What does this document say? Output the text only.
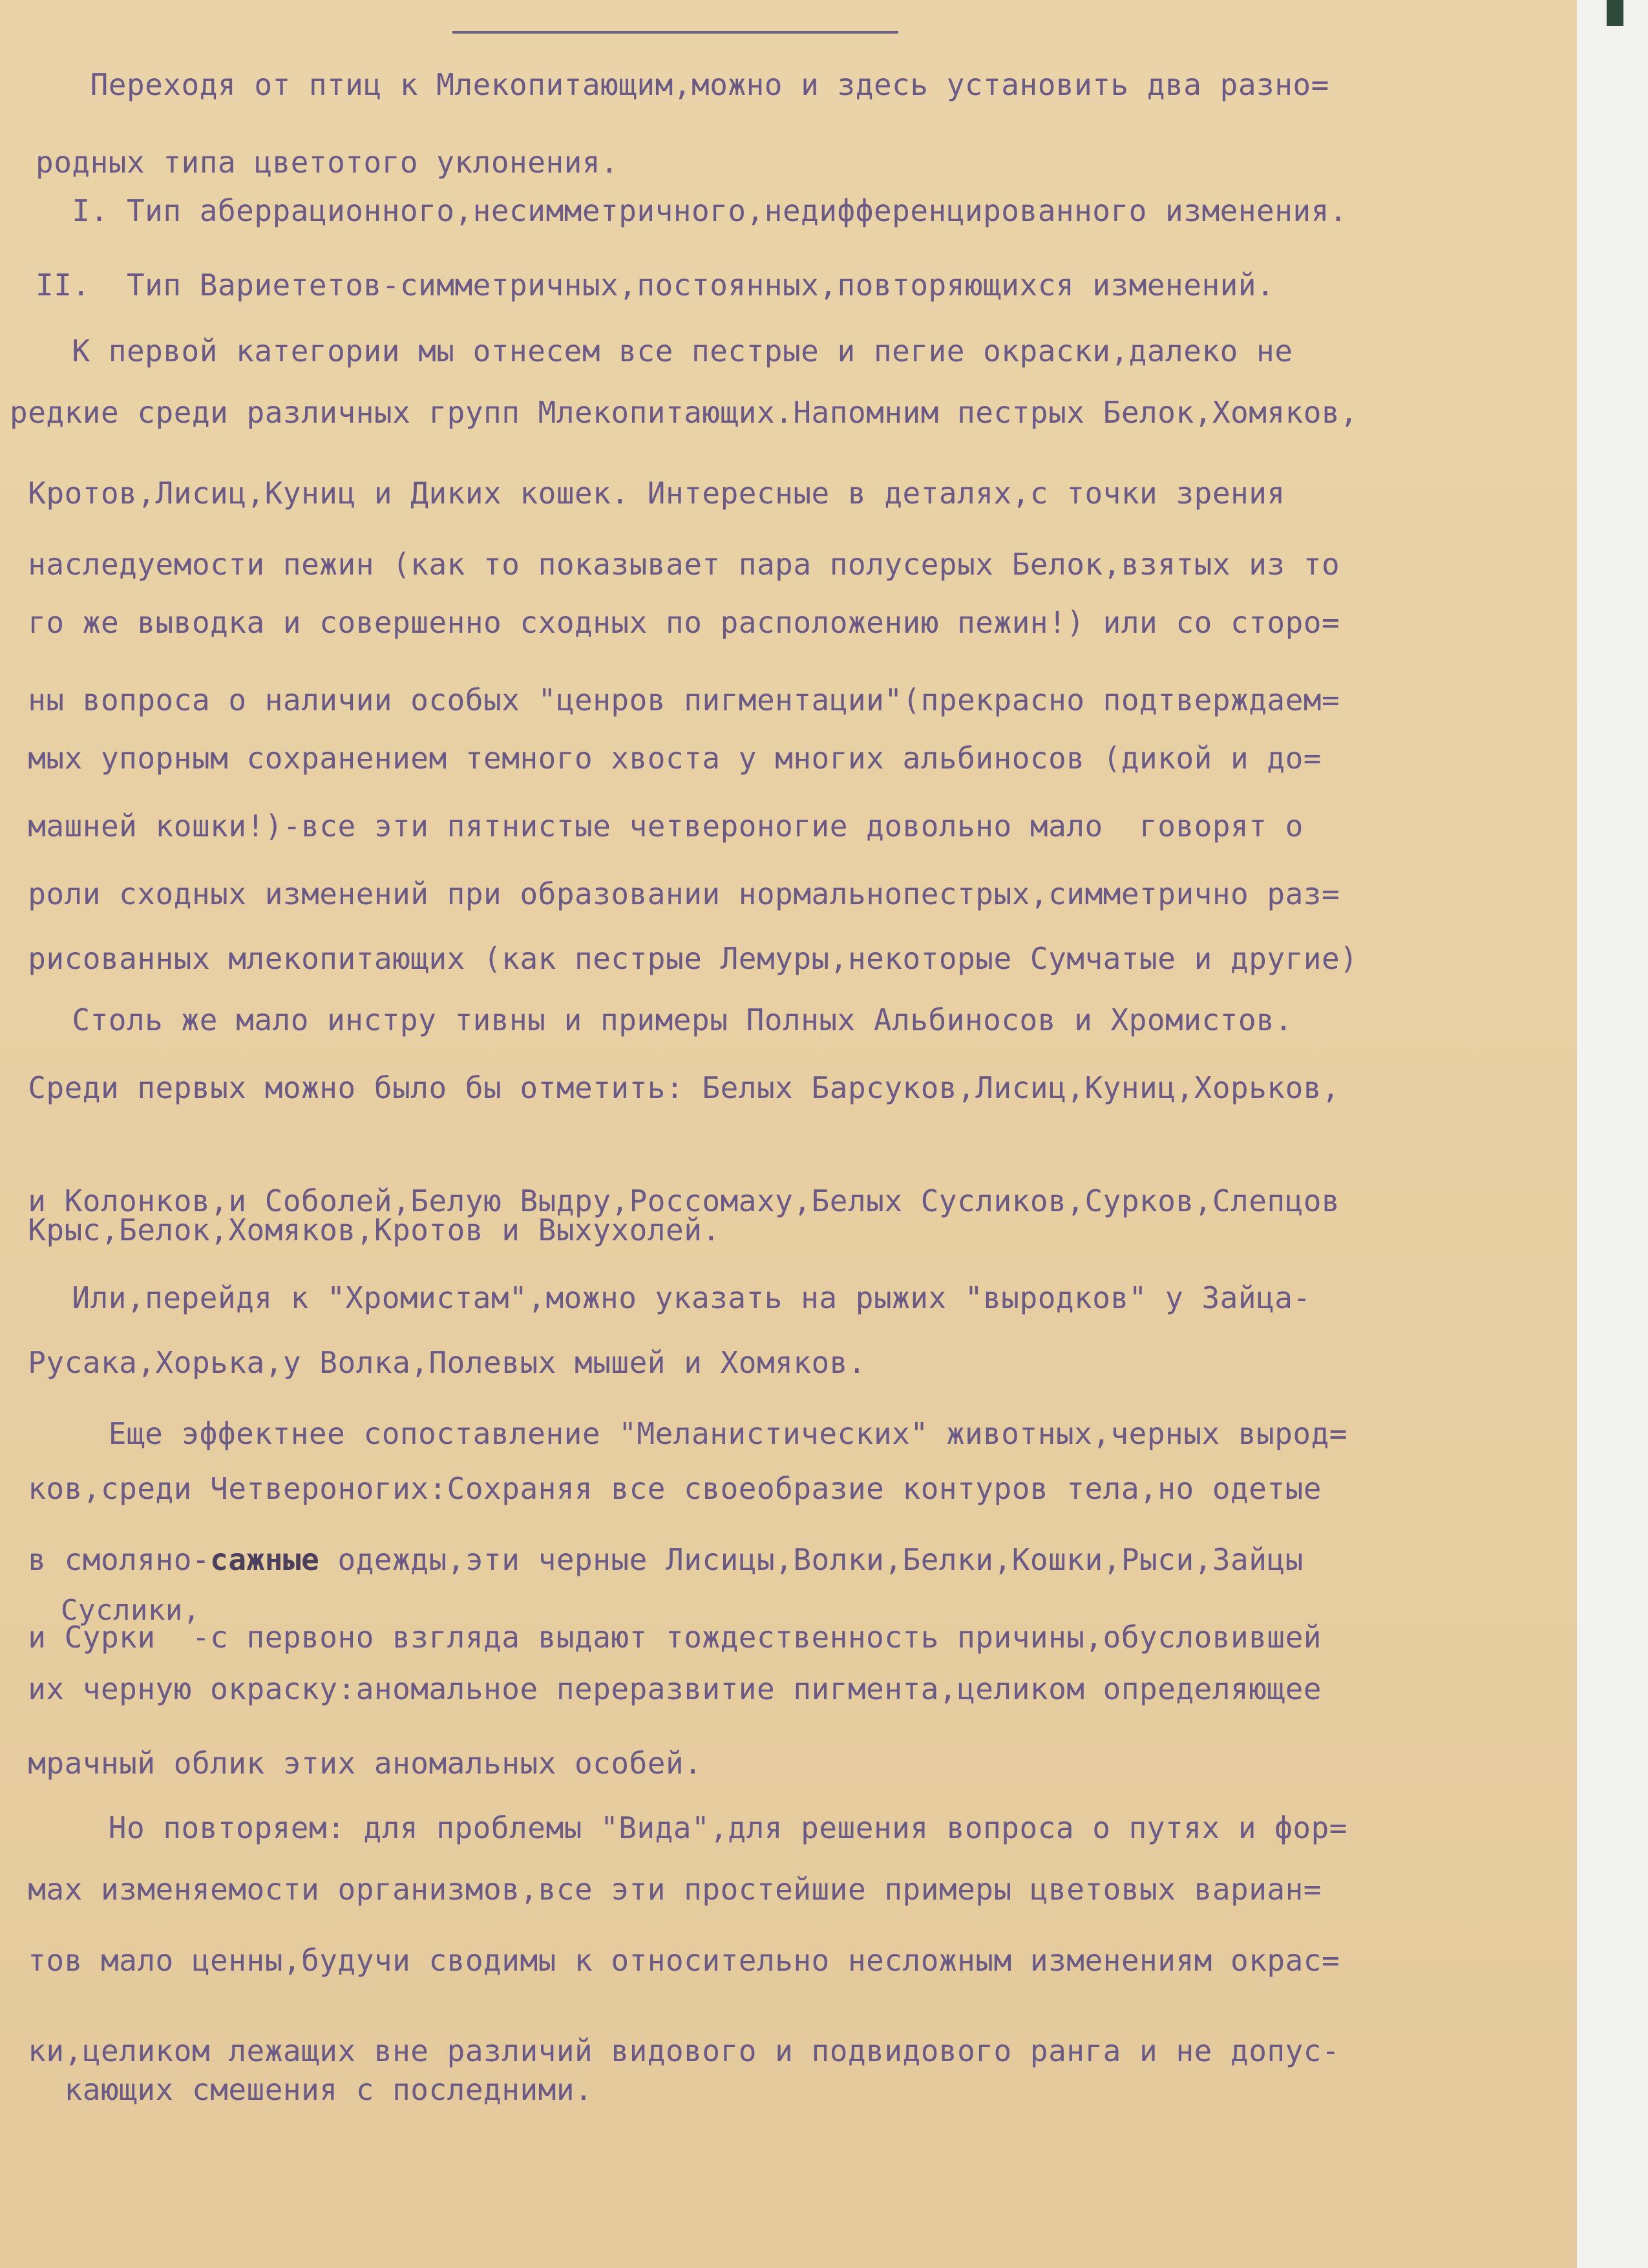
Переходя от птиц к Млекопитающим,можно и здесь установить два разно=
родных типа цветотого уклонения.
I. Тип аберрационного,несимметричного,недифференцированного изменения.
II.  Тип Вариететов-симметричных,постоянных,повторяющихся изменений.
К первой категории мы отнесем все пестрые и пегие окраски,далеко не
редкие среди различных групп Млекопитающих.Напомним пестрых Белок,Хомяков,
Кротов,Лисиц,Куниц и Диких кошек. Интересные в деталях,с точки зрения
наследуемости пежин (как то показывает пара полусерых Белок,взятых из то
го же выводка и совершенно сходных по расположению пежин!) или со сторо=
ны вопроса о наличии особых "ценров пигментации"(прекрасно подтверждаем=
мых упорным сохранением темного хвоста у многих альбиносов (дикой и до=
машней кошки!)-все эти пятнистые четвероногие довольно мало  говорят о
роли сходных изменений при образовании нормальнопестрых,симметрично раз=
рисованных млекопитающих (как пестрые Лемуры,некоторые Сумчатые и другие)
Столь же мало инстру тивны и примеры Полных Альбиносов и Хромистов.
Среди первых можно было бы отметить: Белых Барсуков,Лисиц,Куниц,Хорьков,
и Колонков,и Соболей,Белую Выдру,Россомаху,Белых Сусликов,Сурков,Слепцов
Крыс,Белок,Хомяков,Кротов и Выхухолей.
Или,перейдя к "Хромистам",можно указать на рыжих "выродков" у Зайца-
Русака,Хорька,у Волка,Полевых мышей и Хомяков.
Еще эффектнее сопоставление "Меланистических" животных,черных вырод=
ков,среди Четвероногих:Сохраняя все своеобразие контуров тела,но одетые
в смоляно-сажные одежды,эти черные Лисицы,Волки,Белки,Кошки,Рыси,Зайцы
Суслики,
и Сурки  -с первоно взгляда выдают тождественность причины,обусловившей
их черную окраску:аномальное переразвитие пигмента,целиком определяющее
мрачный облик этих аномальных особей.
Но повторяем: для проблемы "Вида",для решения вопроса о путях и фор=
мах изменяемости организмов,все эти простейшие примеры цветовых вариан=
тов мало ценны,будучи сводимы к относительно несложным изменениям окрас=
ки,целиком лежащих вне различий видового и подвидового ранга и не допус-
кающих смешения с последними.
